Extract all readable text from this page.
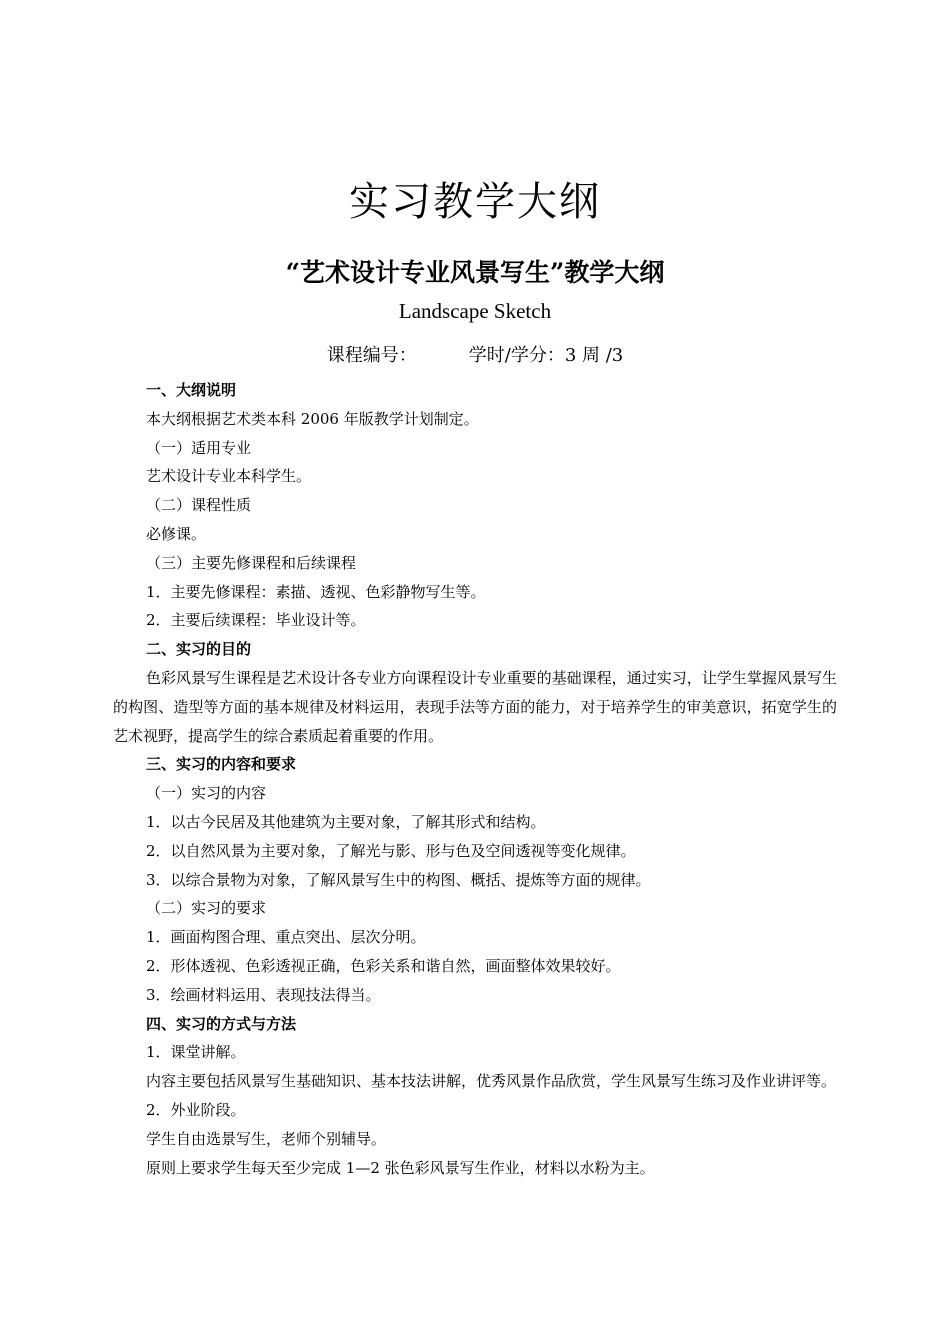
实习教学大纲
“艺术设计专业风景写生”教学大纲
Landscape Sketch
课程编号：	学时/学分：3 周 /3

一、大纲说明

本大纲根据艺术类本科 2006 年版教学计划制定。

（一）适用专业

艺术设计专业本科学生。

（二）课程性质

必修课。

（三）主要先修课程和后续课程

1．主要先修课程：素描、透视、色彩静物写生等。

2．主要后续课程：毕业设计等。

二、实习的目的

色彩风景写生课程是艺术设计各专业方向课程设计专业重要的基础课程，通过实习，让学生掌握风景写生的构图、造型等方面的基本规律及材料运用，表现手法等方面的能力，对于培养学生的审美意识，拓宽学生的艺术视野，提高学生的综合素质起着重要的作用。

三、实习的内容和要求

（一）实习的内容

1．以古今民居及其他建筑为主要对象，了解其形式和结构。

2．以自然风景为主要对象，了解光与影、形与色及空间透视等变化规律。

3．以综合景物为对象，了解风景写生中的构图、概括、提炼等方面的规律。

（二）实习的要求

1．画面构图合理、重点突出、层次分明。

2．形体透视、色彩透视正确，色彩关系和谐自然，画面整体效果较好。

3．绘画材料运用、表现技法得当。

四、实习的方式与方法

1．课堂讲解。

内容主要包括风景写生基础知识、基本技法讲解，优秀风景作品欣赏，学生风景写生练习及作业讲评等。

2．外业阶段。

学生自由选景写生，老师个别辅导。

原则上要求学生每天至少完成 1—2 张色彩风景写生作业，材料以水粉为主。
